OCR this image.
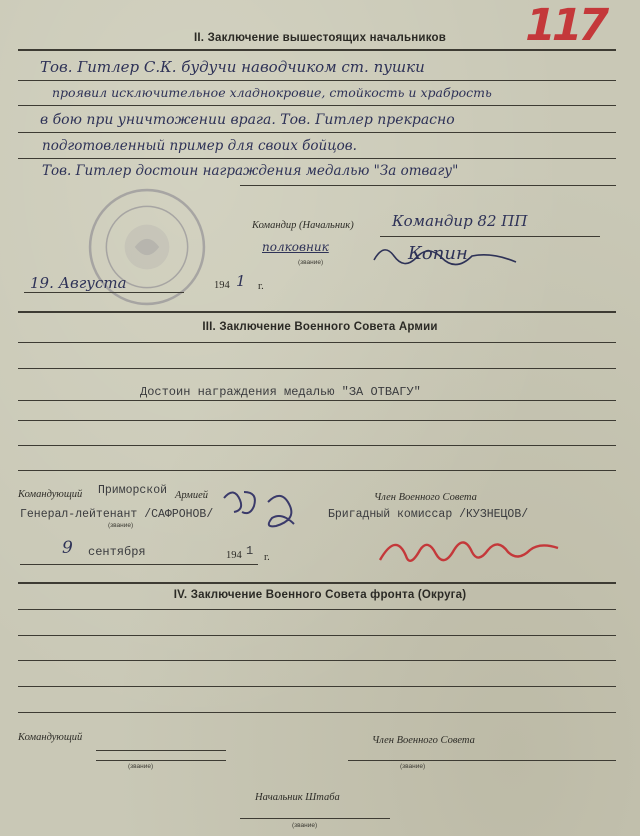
117
II. Заключение вышестоящих начальников
Тов. Гитлер С.К. будучи наводчиком ст. пушки
проявил исключительное хладнокровие, стойкость и храбрость
в бою при уничтожении врага. Тов. Гитлер прекрасно
подготовленный пример для своих бойцов.
Тов. Гитлер достоин награждения медалью "За отвагу"
Командир (Начальник)	Командир 82 ПП
полковник
(звание)	Копин
19. Августа	194 1 г.
III. Заключение Военного Совета Армии
Достоин награждения медалью "ЗА ОТВАГУ"
Командующий Приморской Армией	Член Военного Совета
Генерал-лейтенант /САФРОНОВ/
(звание)
Бригадный комиссар /КУЗНЕЦОВ/
9 сентября	194 1 г.
IV. Заключение Военного Совета фронта (Округа)
Командующий
(звание)
Член Военного Совета
(звание)
Начальник Штаба
(звание)
